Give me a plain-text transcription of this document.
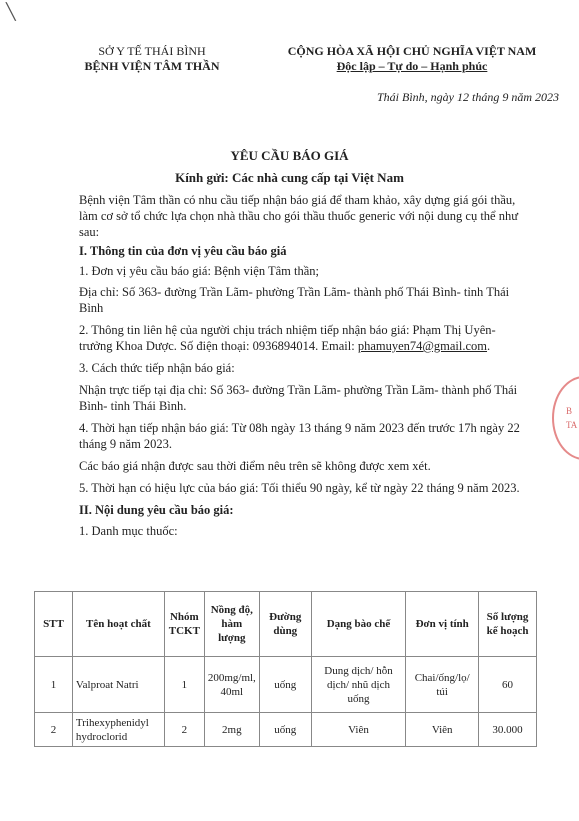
╲
SỞ Y TẾ THÁI BÌNH
BỆNH VIỆN TÂM THẦN
CỘNG HÒA XÃ HỘI CHỦ NGHĨA VIỆT NAM
Độc lập – Tự do – Hạnh phúc
Thái Bình, ngày 12 tháng 9 năm 2023
YÊU CẦU BÁO GIÁ
Kính gửi: Các nhà cung cấp tại Việt Nam

Bệnh viện Tâm thần có nhu cầu tiếp nhận báo giá để tham khảo, xây dựng giá gói thầu, làm cơ sở tổ chức lựa chọn nhà thầu cho gói thầu thuốc generic với nội dung cụ thể như sau:

I. Thông tin của đơn vị yêu cầu báo giá

1. Đơn vị yêu cầu báo giá: Bệnh viện Tâm thần;

Địa chỉ: Số 363- đường Trần Lãm- phường Trần Lãm- thành phố Thái Bình- tỉnh Thái Bình

2. Thông tin liên hệ của người chịu trách nhiệm tiếp nhận báo giá: Phạm Thị Uyên- trưởng Khoa Dược. Số điện thoại: 0936894014. Email: phamuyen74@gmail.com.

3. Cách thức tiếp nhận báo giá:

Nhận trực tiếp tại địa chỉ: Số 363- đường Trần Lãm- phường Trần Lãm- thành phố Thái Bình- tỉnh Thái Bình.

4. Thời hạn tiếp nhận báo giá: Từ 08h ngày 13 tháng 9 năm 2023 đến trước 17h ngày 22 tháng 9 năm 2023.

Các báo giá nhận được sau thời điểm nêu trên sẽ không được xem xét.

5. Thời hạn có hiệu lực của báo giá: Tối thiểu 90 ngày, kể từ ngày 22 tháng 9 năm 2023.

II. Nội dung yêu cầu báo giá:

1. Danh mục thuốc:

STT	Tên hoạt chất	Nhóm TCKT	Nồng độ, hàm lượng	Đường dùng	Dạng bào chế	Đơn vị tính	Số lượng kế hoạch
1	Valproat Natri	1	200mg/ml, 40ml	uống	Dung dịch/ hỗn dịch/ nhũ dịch uống	Chai/ống/lọ/ túi	60
2	Trihexyphenidyl hydroclorid	2	2mg	uống	Viên	Viên	30.000
B
TA
